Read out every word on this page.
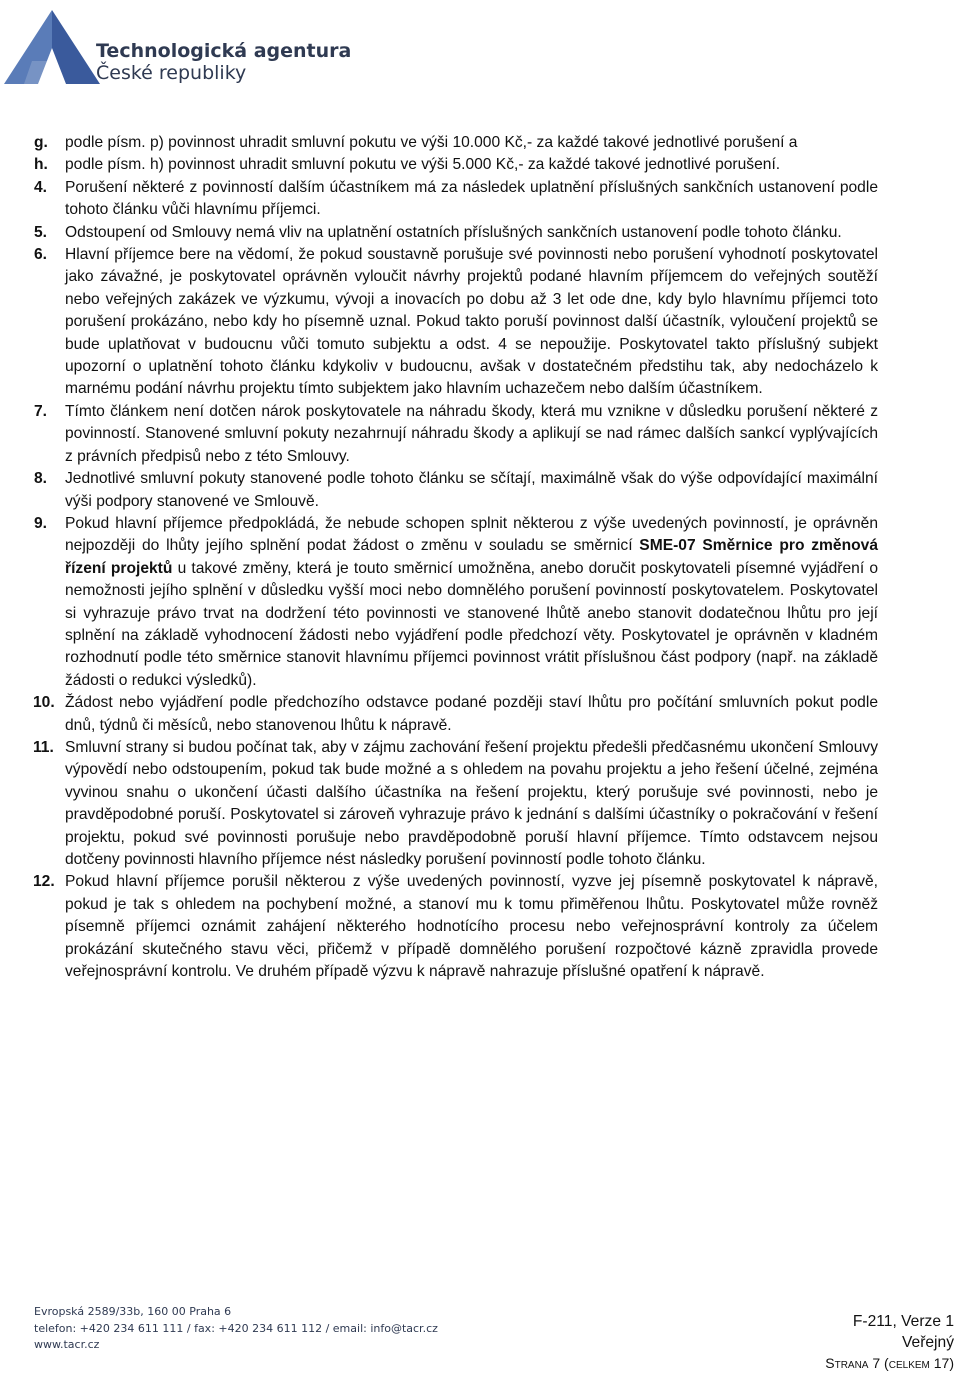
Technologická agentura
České republiky
g. podle písm. p) povinnost uhradit smluvní pokutu ve výši 10.000 Kč,- za každé takové jednotlivé porušení a
h. podle písm. h) povinnost uhradit smluvní pokutu ve výši 5.000 Kč,- za každé takové jednotlivé porušení.
4. Porušení některé z povinností dalším účastníkem má za následek uplatnění příslušných sankčních ustanovení podle tohoto článku vůči hlavnímu příjemci.
5. Odstoupení od Smlouvy nemá vliv na uplatnění ostatních příslušných sankčních ustanovení podle tohoto článku.
6. Hlavní příjemce bere na vědomí, že pokud soustavně porušuje své povinnosti nebo porušení vyhodnotí poskytovatel jako závažné, je poskytovatel oprávněn vyloučit návrhy projektů podané hlavním příjemcem do veřejných soutěží nebo veřejných zakázek ve výzkumu, vývoji a inovacích po dobu až 3 let ode dne, kdy bylo hlavnímu příjemci toto porušení prokázáno, nebo kdy ho písemně uznal. Pokud takto poruší povinnost další účastník, vyloučení projektů se bude uplatňovat v budoucnu vůči tomuto subjektu a odst. 4 se nepoužije. Poskytovatel takto příslušný subjekt upozorní o uplatnění tohoto článku kdykoliv v budoucnu, avšak v dostatečném předstihu tak, aby nedocházelo k marnému podání návrhu projektu tímto subjektem jako hlavním uchazečem nebo dalším účastníkem.
7. Tímto článkem není dotčen nárok poskytovatele na náhradu škody, která mu vznikne v důsledku porušení některé z povinností. Stanovené smluvní pokuty nezahrnují náhradu škody a aplikují se nad rámec dalších sankcí vyplývajících z právních předpisů nebo z této Smlouvy.
8. Jednotlivé smluvní pokuty stanovené podle tohoto článku se sčítají, maximálně však do výše odpovídající maximální výši podpory stanovené ve Smlouvě.
9. Pokud hlavní příjemce předpokládá, že nebude schopen splnit některou z výše uvedených povinností, je oprávněn nejpozději do lhůty jejího splnění podat žádost o změnu v souladu se směrnicí SME-07 Směrnice pro změnová řízení projektů u takové změny, která je touto směrnicí umožněna, anebo doručit poskytovateli písemné vyjádření o nemožnosti jejího splnění v důsledku vyšší moci nebo domnělého porušení povinností poskytovatelem. Poskytovatel si vyhrazuje právo trvat na dodržení této povinnosti ve stanovené lhůtě anebo stanovit dodatečnou lhůtu pro její splnění na základě vyhodnocení žádosti nebo vyjádření podle předchozí věty. Poskytovatel je oprávněn v kladném rozhodnutí podle této směrnice stanovit hlavnímu příjemci povinnost vrátit příslušnou část podpory (např. na základě žádosti o redukci výsledků).
10. Žádost nebo vyjádření podle předchozího odstavce podané později staví lhůtu pro počítání smluvních pokut podle dnů, týdnů či měsíců, nebo stanovenou lhůtu k nápravě.
11. Smluvní strany si budou počínat tak, aby v zájmu zachování řešení projektu předešli předčasnému ukončení Smlouvy výpovědí nebo odstoupením, pokud tak bude možné a s ohledem na povahu projektu a jeho řešení účelné, zejména vyvinou snahu o ukončení účasti dalšího účastníka na řešení projektu, který porušuje své povinnosti, nebo je pravděpodobné poruší. Poskytovatel si zároveň vyhrazuje právo k jednání s dalšími účastníky o pokračování v řešení projektu, pokud své povinnosti porušuje nebo pravděpodobně poruší hlavní příjemce. Tímto odstavcem nejsou dotčeny povinnosti hlavního příjemce nést následky porušení povinností podle tohoto článku.
12. Pokud hlavní příjemce porušil některou z výše uvedených povinností, vyzve jej písemně poskytovatel k nápravě, pokud je tak s ohledem na pochybení možné, a stanoví mu k tomu přiměřenou lhůtu. Poskytovatel může rovněž písemně příjemci oznámit zahájení některého hodnotícího procesu nebo veřejnosprávní kontroly za účelem prokázání skutečného stavu věci, přičemž v případě domnělého porušení rozpočtové kázně zpravidla provede veřejnosprávní kontrolu. Ve druhém případě výzvu k nápravě nahrazuje příslušné opatření k nápravě.
Evropská 2589/33b, 160 00 Praha 6
telefon: +420 234 611 111 / fax: +420 234 611 112 / email: info@tacr.cz
www.tacr.cz
F-211, Verze 1
Veřejný
Strana 7 (celkem 17)
